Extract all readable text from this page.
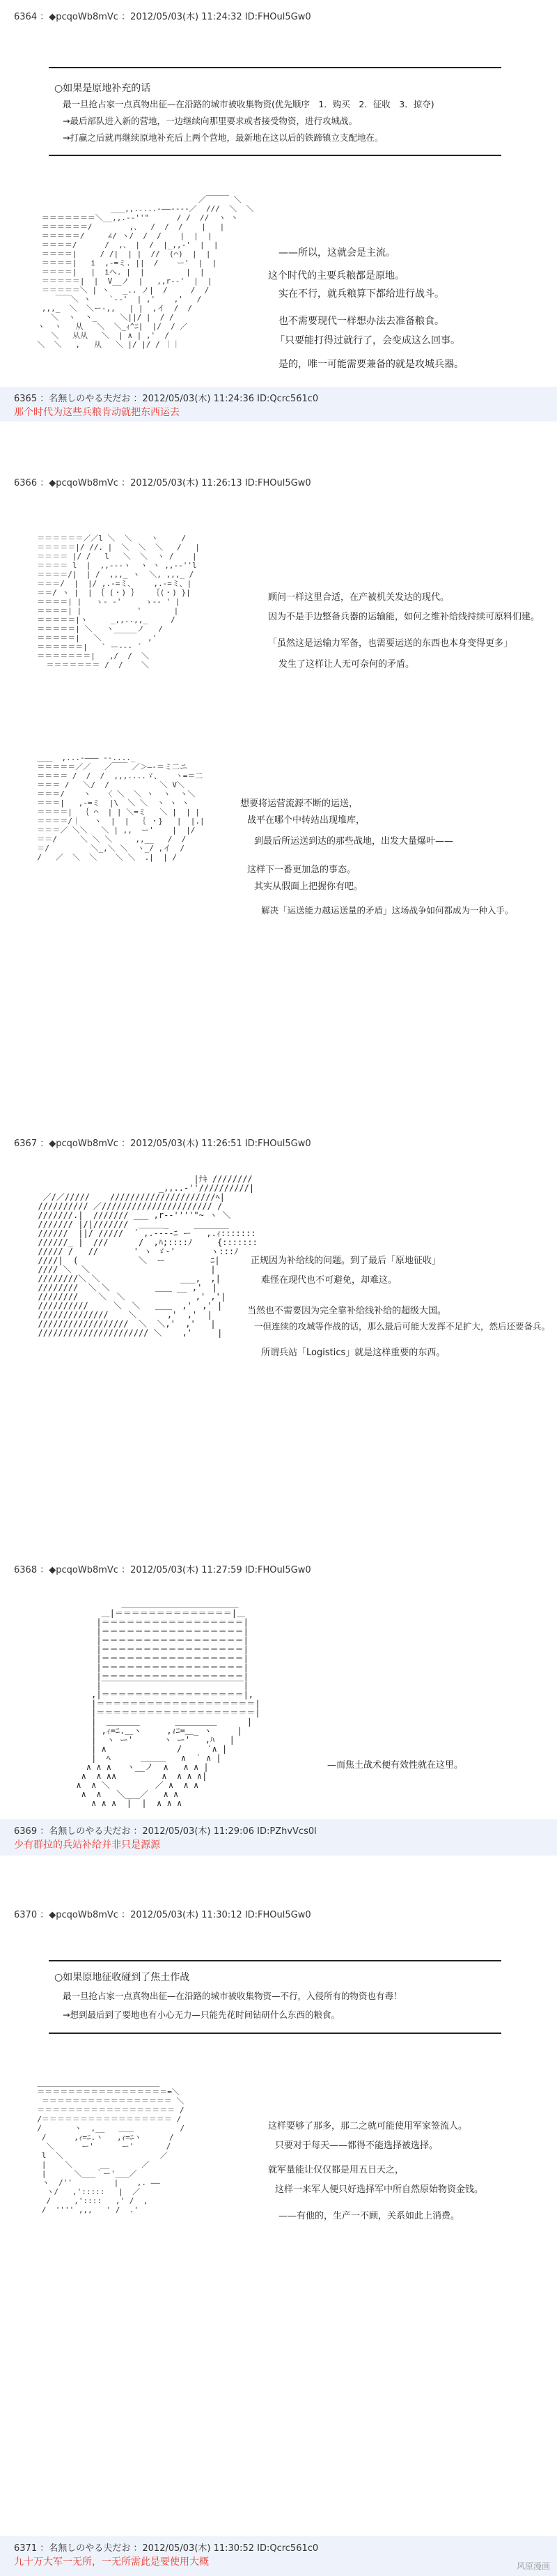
6364 ：◆pcqoWb8mVc ：2012/05/03(木) 11:24:32 ID:FHOul5Gw0
○如果是原地补充的话
最一旦抢占家一点真物出征—在沿路的城市被收集物资(优先顺序　1．购买　2．征收　3．掠夺)
→最后部队进入新的营地，一边继续向那里要求或者接受物资，进行攻城战。
→打赢之后就再继续原地补充后上两个营地，最新地在这以后的铁蹄镇立支配地在。
／￣￣￣ ＼
___,,.....-――----／  ///  ＼  ＼
＝＝＝＝＝＝＝＼__,,.-‐''"      / /  //  ヽ ヽ
＝＝＝＝＝＝/        ,、  /  /  /    |   |
＝＝＝＝＝/     ∠/ ヽ/  /  /    |  |  |
＝＝＝＝/      /  ,、 |  /  |_,,-'  |  |
＝＝＝＝|     / /|  | |  //  (⌒)  |  |
＝＝＝＝|   i  ,-=ミ. ||  /    ー'  |  |
＝＝＝＝|   |  iヘ. |  |         |  |
＝＝＝＝＝|  |  V__ノ  |   ,,r-‐'  |  |
＝＝＝＝＝＼ | ヽ   _.. ノ|  /     /  /
￣￣＼ ヽ    `--'  | ,'    ,'   /
,,,_  ＼  ＼ー-,,   | |  ,イ  /  /
＼  ヽ  丶_     ＼||/ |  / /
ヽ  ヽ   从   ＼  ＼_ｨ^ﾆ|  |/  / ／
＼   从从   ＼  | ∧ | ,'  /
＼  ＼   ,   从   ＼ |/ |/ / ｜｜

——所以，这就会是主流。
这个时代的主要兵粮都是原地。
实在不行，就兵粮算下都给进行战斗。
也不需要现代一样想办法去准备粮食。
「只要能打得过就行了，会变成这么回事。
是的，唯一可能需要兼备的就是攻城兵器。
6365 ：名無しのやる夫だお ：2012/05/03(木) 11:24:36 ID:Qcrc561c0
那个时代为这些兵粮肯动就把东西运去
6366 ：◆pcqoWb8mVc ：2012/05/03(木) 11:26:13 ID:FHOul5Gw0
＝＝＝＝＝＝／／l ＼  ＼    ヽ     /
＝＝＝＝＝|/ //. |  ＼  ＼  ＼   /   |
＝＝＝＝ |/ /   l   ＼  ＼  ヽ /    |
＝＝＝＝ l  |  ,,--‐ヽ  ヽ ヽ ,,-‐''l
＝＝＝＝/|  | /  ,,,_ ヽ  ＼, ,,,_ /
＝＝＝/  |  |/ ,.-=ミ、    ,.-=ミ、|
＝＝/ ヽ |  | ｛ (・) ｝   ｛(・) }|
＝＝＝＝| |   ゝ- -'     ゝ-- ' |
＝＝＝＝| |            '       |
＝＝＝＝＝|ヽ     _,,..,,_     /
＝＝＝＝＝| ＼   ヽ_____ノ   /
＝＝＝＝＝|   ＼          ,'
＝＝＝＝＝＝|   ` ー--‐ ´
＝＝＝＝＝＝＝|   ,/  /  ＼
＝＝＝＝＝＝＝ /  /    ＼

顾问一样这里合适，在产被机关发达的现代。
因为不是手边整备兵器的运输能，如何之维补给线持续可原料们建。
「虽然这是运输力军备，也需要运送的东西也本身变得更多」
发生了这样让人无可奈何的矛盾。
＿＿  ,...-――― ‐-...._
＝＝＝＝＝／／   ／￣￣ ／＞―‐＝ミ二ニ
＝＝＝＝ /  /  /  ,,,....ゞ、   ヽ=＝二
＝＝＝ /   ＼/  /           ＼ V＼
＝＝＝/    ヽ   〈 ＼  ＼ ヽ  ヽ  ヽ＼
＝＝＝|   ,-=ミ  |\  ＼ ＼  ヽ ヽ ヽ
＝＝＝＝|  ｛ ⌒  | | ＼=ミ   ＼ |  | |
＝＝＝＝/｜   ヽ  |  |  ｛ ・}   |  |.|
＝＝＝／ ＼＼   ＼ | ,,  ー'    |  |/
＝＝/     ＼ ＼ ＼     ,,__   /  /
＝/         ＼_,＼ ＼  ヽ_/ ,イ  /
/   ／  ＼  ＼    ＼ ＼  .|  | /

想要将运营流源不断的运送，
战平在哪个中转站出现堆库，
到最后所运送到达的那些战地，出发大量爆叶——
这样下一番更加急的事态。
其实从假面上把握你有吧。
解决「运送能力越运送量的矛盾」这场战争如何都成为一种入手。
6367 ：◆pcqoWb8mVc ：2012/05/03(木) 11:26:51 ID:FHOul5Gw0
|ﾅｷ ////////
_,,..-''//////////|
／/／/////    /////////////////////ﾍ|
////////// ／////////////////////// /
///////.|  /////// ___ ,r-‐''''"~ ヽ ＼
/////// |/|///////  ＿＿＿_     _______
//////  ||/ /////  ´ ,.--‐‐ﾆ ー   ,.ｨ:::::::
//////_ |  ///      /  ,ﾊ;::::ﾉ     {:::::::
///// /   //       ' ヽ ゞ-'       ヽ:::ﾉ
////|  (            ＼  ー         ﾆ|
//// ＼  ＼                        |
////////＼ ＼                ___,  ,|
////////  ＼ ＼         ＿＿ __ ,'  |
////////    ＼  ＼              ,' ,'|
//////////     ＼  ＼   ＿＿  ,'  ,' |
//////////////    ＼      ,'  ,'  |
//////////////////  ＼  ＼,'  ,'   |
////////////////////// ＼    ,'     |

正规因为补给线的问题。到了最后「原地征收」
难怪在现代也不可避免，却难这。
当然也不需要因为完全靠补给线补给的超级大国。
一但连续的攻城等作战的话，那么最后可能大发挥不足扩大，然后还要备兵。
所谓兵站「Logistics」就是这样重要的东西。
6368 ：◆pcqoWb8mVc ：2012/05/03(木) 11:27:59 ID:FHOul5Gw0
＿＿＿＿＿＿＿＿＿＿＿＿＿＿
＿|＝＝＝＝＝＝＝＝＝＝＝＝＝＝|＿
|＝＝＝＝＝＝＝＝＝＝＝＝＝＝＝＝＝|
|＝＝＝＝＝＝＝＝＝＝＝＝＝＝＝＝＝|
|＝＝＝＝＝＝＝＝＝＝＝＝＝＝＝＝＝|
|＝＝＝＝＝＝＝＝＝＝＝＝＝＝＝＝＝|
|＝＝＝＝＝＝＝＝＝＝＝＝＝＝＝＝＝|
|＝＝＝＝＝＝＝＝＝＝＝＝＝＝＝＝＝|
|＝＝＝＝＝＝＝＝＝＝＝＝＝＝＝＝＝|
|￣￣￣￣￣￣￣￣￣￣￣￣￣￣￣￣￣|
,|＝＝＝＝＝＝＝＝＝＝＝＝＝＝＝＝＝|,
|＝＝＝＝＝＝＝＝＝＝＝＝＝＝＝＝＝＝＝|
|＝＝＝＝＝＝＝＝＝＝＝＝＝＝＝＝＝＝＝|
|  ＿＿＿＿       ＿＿＿＿＿      |
| ,ｨ=ﾆ.＿ヽ     ,ｨﾆ=＿_ ヽ     |
|  ヽ ー'      ヽ ー'   ,ﾊ   |
| ∧              /     ′∧ |
|  ﾍ      ＿＿＿   ∧  ′ ∧ |
∧ ∧ ∧   ヽ__ノ  ∧   ∧ ∧ |
∧  ∧ ∧∧         ∧  ∧ ∧ ∧|
∧  ∧ ＼         ／ ∧  ∧ ∧
∧  ∧   ＼___／   ∧ ∧
∧ ∧ ∧  |  |  ∧ ∧ ∧

—而焦土战术便有效性就在这里。
6369 ：名無しのやる夫だお ：2012/05/03(木) 11:29:06 ID:PZhvVcs0l
少有群拉的兵站补给并非只是源源
6370 ：◆pcqoWb8mVc ：2012/05/03(木) 11:30:12 ID:FHOul5Gw0
○如果原地征收碰到了焦土作战
最一旦抢占家一点真物出征—在沿路的城市被收集物资—不行，入侵所有的物资也有毒！
→想到最后到了要地也有小心无力—只能先花时间钻研什么东西的粮食。
＿＿＿＿＿＿＿＿＿＿＿＿＿＿＿＿
＝＝＝＝＝＝＝＝＝＝＝＝＝＝＝＝＝=＼
＝＝＝＝＝＝＝＝＝＝＝＝＝＝＝＝＝ ＼
＝＝＝＝＝＝＝＝＝＝＝＝＝＝＝＝＝＝ /
/＝＝＝＝＝＝＝＝＝＝＝＝＝＝＝＝＝ /
/       ヽ  ,__   ＿＿          /
/      ,ｨ=ﾆ.ヽ   ,ｨ=ﾆヽ      /
＼      ー'      ー'       /
l  ＼                     ／
|    ＼      __       ／
|      ＼___｀ー'___／
ヽ  /''         |    ,. ――
ヽ/   ,':::::   |  ／
/     ,'::::   ,' /  ,
/  '''' ,,,   ' /  .'

这样要够了那多，那二之就可能使用军家签流人。
只要对于每天——都得不能选择被选择。
就军量能让仅仅都是用五日天之，
这样一来军人便只好选择军中所自然原始物资金钱。
——有他的，生产一不顾，关系如此上消费。
6371 ：名無しのやる夫だお ：2012/05/03(木) 11:30:52 ID:Qcrc561c0
九十万大军一无所，一无所需此是要使用大概	风原漫画
